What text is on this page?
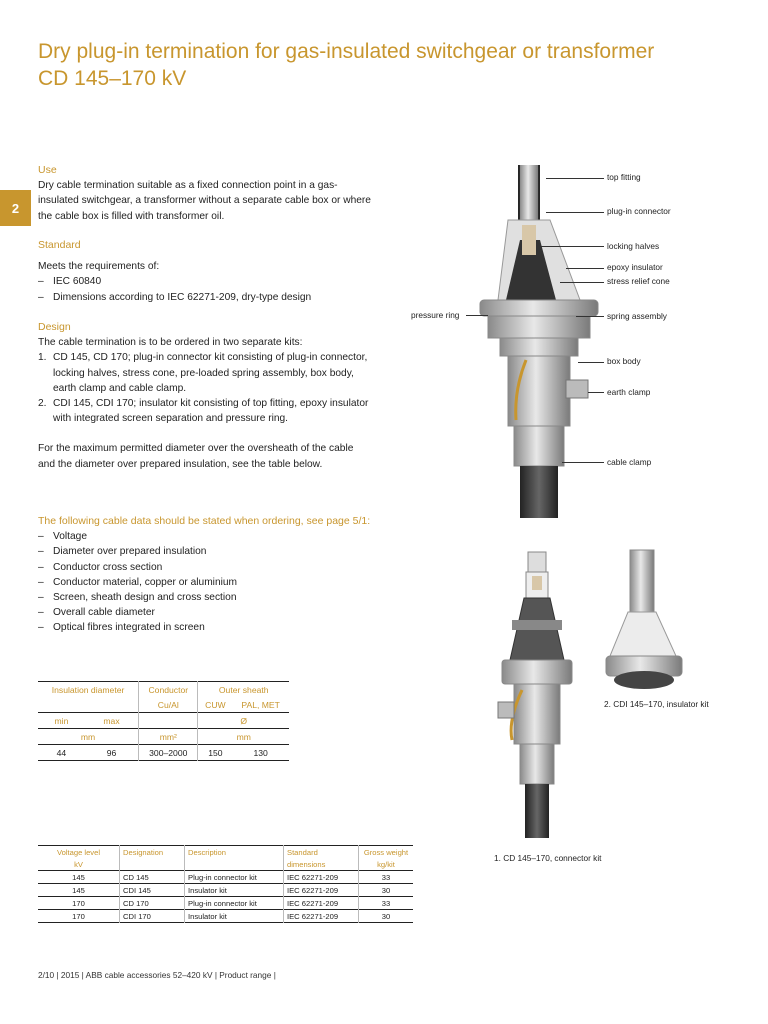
Dry plug-in termination for gas-insulated switchgear or transformer
CD 145–170 kV
2

Use

Dry cable termination suitable as a fixed connection point in a gas-insulated switchgear, a transformer without a separate cable box or where the cable box is filled with transformer oil.

Standard

Meets the requirements of:

– IEC 60840
– Dimensions according to IEC 62271-209, dry-type design

Design

The cable termination is to be ordered in two separate kits:

1. CD 145, CD 170; plug-in connector kit consisting of plug-in connector, locking halves, stress cone, pre-loaded spring assembly, box body, earth clamp and cable clamp.
2. CDI 145, CDI 170; insulator kit consisting of top fitting, epoxy insulator with integrated screen separation and pressure ring.

For the maximum permitted diameter over the oversheath of the cable and the diameter over prepared insulation, see the table below.

The following cable data should be stated when ordering, see page 5/1:

– Voltage
– Diameter over prepared insulation
– Conductor cross section
– Conductor material, copper or aluminium
– Screen, sheath design and cross section
– Overall cable diameter
– Optical fibres integrated in screen
Insulation diameter		Conductor	Outer sheath	
		Cu/Al	CUW	PAL, MET
min	max		Ø	
mm		mm²	mm	
44	96	300–2000	150	130
Voltage level	Designation	Description	Standard	Gross weight
kV			dimensions	kg/kit
145	CD 145	Plug-in connector kit	IEC 62271-209	33
145	CDI 145	Insulator kit	IEC 62271-209	30
170	CD 170	Plug-in connector kit	IEC 62271-209	33
170	CDI 170	Insulator kit	IEC 62271-209	30
top fitting
plug-in connector
locking halves
epoxy insulator
stress relief cone
pressure ring	spring assembly
box body
earth clamp
cable clamp
1. CD 145–170, connector kit
2. CDI 145–170, insulator kit
2/10 | 2015 | ABB cable accessories 52–420 kV | Product range |
